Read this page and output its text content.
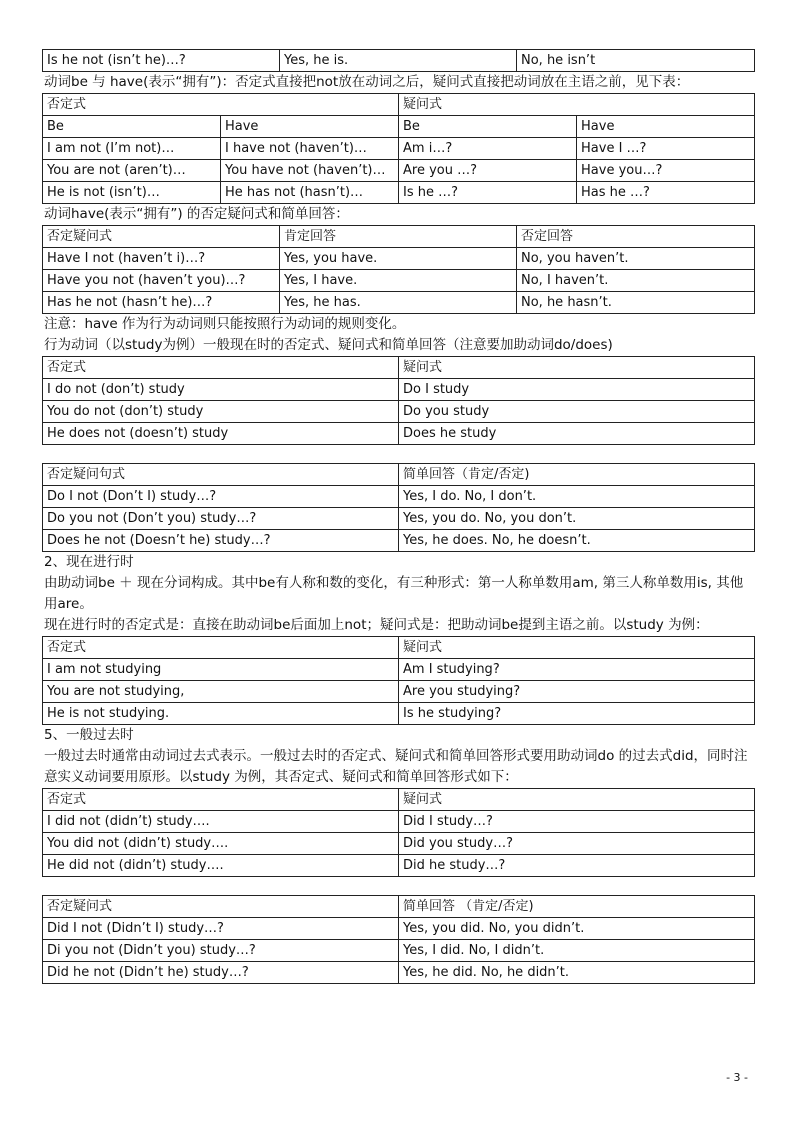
Is he not (isn’t he)…?	Yes, he is.	No, he isn’t

动词be 与 have(表示“拥有”)：否定式直接把not放在动词之后，疑问式直接把动词放在主语之前，见下表：

否定式		疑问式	
Be	Have	Be	Have
I am not (I’m not)…	I have not (haven’t)…	Am i…?	Have I …?
You are not (aren’t)…	You have not (haven’t)…	Are you …?	Have you…?
He is not (isn’t)…	He has not (hasn’t)…	Is he …?	Has he …?

动词have(表示“拥有”) 的否定疑问式和简单回答：

否定疑问式	肯定回答	否定回答
Have I not (haven’t i)…?	Yes, you have.	No, you haven’t.
Have you not (haven’t you)…?	Yes, I have.	No, I haven’t.
Has he not (hasn’t he)…?	Yes, he has.	No, he hasn’t.

注意：have 作为行为动词则只能按照行为动词的规则变化。

行为动词（以study为例）一般现在时的否定式、疑问式和简单回答（注意要加助动词do/does)

否定式	疑问式
I do not (don’t) study	Do I study
You do not (don’t) study	Do you study
He does not (doesn’t) study	Does he study
否定疑问句式	简单回答（肯定/否定)
Do I not (Don’t I) study…?	Yes, I do. No, I don’t.
Do you not (Don’t you) study…?	Yes, you do. No, you don’t.
Does he not (Doesn’t he) study…?	Yes, he does. No, he doesn’t.

2、现在进行时

由助动词be ＋ 现在分词构成。其中be有人称和数的变化，有三种形式：第一人称单数用am, 第三人称单数用is, 其他用are。

现在进行时的否定式是：直接在助动词be后面加上not；疑问式是：把助动词be提到主语之前。以study 为例：

否定式	疑问式
I am not studying	Am I studying?
You are not studying,	Are you studying?
He is not studying.	Is he studying?

5、一般过去时

一般过去时通常由动词过去式表示。一般过去时的否定式、疑问式和简单回答形式要用助动词do 的过去式did，同时注意实义动词要用原形。以study 为例，其否定式、疑问式和简单回答形式如下：

否定式	疑问式
I did not (didn’t) study….	Did I study…?
You did not (didn’t) study….	Did you study…?
He did not (didn’t) study….	Did he study…?
否定疑问式	简单回答 （肯定/否定)
Did I not (Didn’t I) study…?	Yes, you did. No, you didn’t.
Di you not (Didn’t you) study…?	Yes, I did. No, I didn’t.
Did he not (Didn’t he) study…?	Yes, he did. No, he didn’t.
- 3 -
